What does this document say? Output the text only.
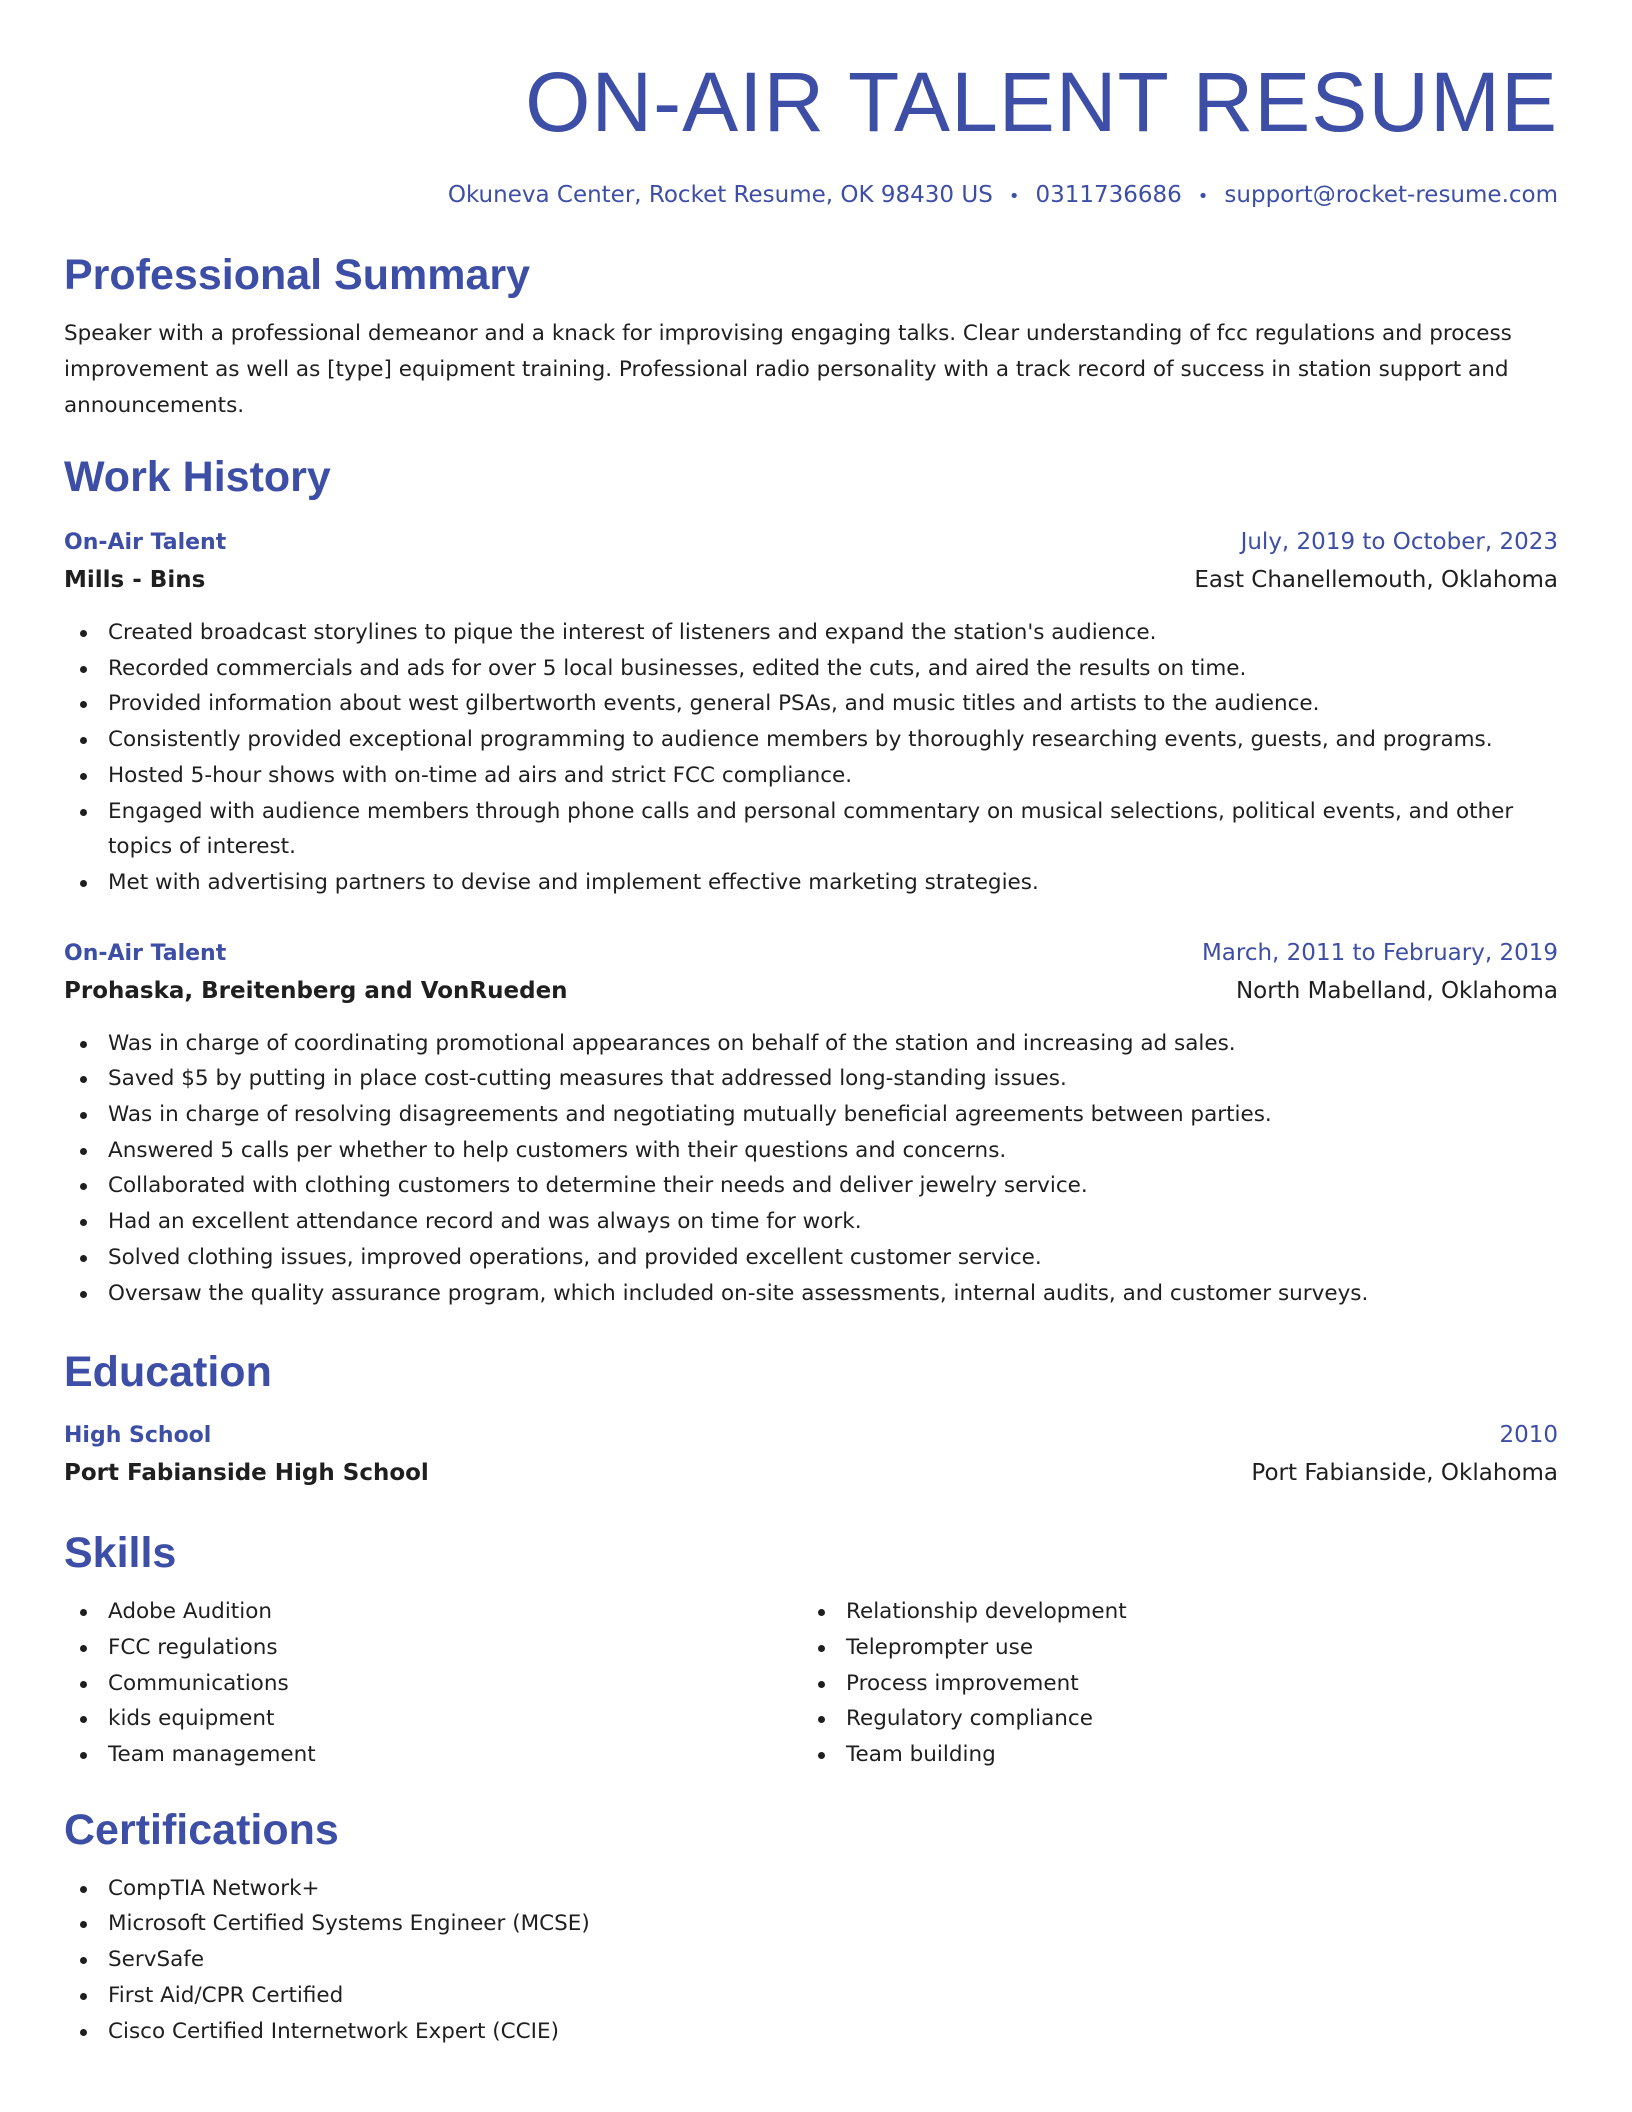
ON-AIR TALENT RESUME
Okuneva Center, Rocket Resume, OK 98430 US • 0311736686 • support@rocket-resume.com
Professional Summary

Speaker with a professional demeanor and a knack for improvising engaging talks. Clear understanding of fcc regulations and process improvement as well as [type] equipment training. Professional radio personality with a track record of success in station support and announcements.

Work History
On-Air Talent	July, 2019 to October, 2023
Mills - Bins	East Chanellemouth, Oklahoma
Created broadcast storylines to pique the interest of listeners and expand the station's audience.
Recorded commercials and ads for over 5 local businesses, edited the cuts, and aired the results on time.
Provided information about west gilbertworth events, general PSAs, and music titles and artists to the audience.
Consistently provided exceptional programming to audience members by thoroughly researching events, guests, and programs.
Hosted 5-hour shows with on-time ad airs and strict FCC compliance.
Engaged with audience members through phone calls and personal commentary on musical selections, political events, and other topics of interest.
Met with advertising partners to devise and implement effective marketing strategies.
On-Air Talent	March, 2011 to February, 2019
Prohaska, Breitenberg and VonRueden	North Mabelland, Oklahoma
Was in charge of coordinating promotional appearances on behalf of the station and increasing ad sales.
Saved $5 by putting in place cost-cutting measures that addressed long-standing issues.
Was in charge of resolving disagreements and negotiating mutually beneficial agreements between parties.
Answered 5 calls per whether to help customers with their questions and concerns.
Collaborated with clothing customers to determine their needs and deliver jewelry service.
Had an excellent attendance record and was always on time for work.
Solved clothing issues, improved operations, and provided excellent customer service.
Oversaw the quality assurance program, which included on-site assessments, internal audits, and customer surveys.
Education
High School	2010
Port Fabianside High School	Port Fabianside, Oklahoma
Skills
Adobe Audition
FCC regulations
Communications
kids equipment
Team management
Relationship development
Teleprompter use
Process improvement
Regulatory compliance
Team building
Certifications
CompTIA Network+
Microsoft Certified Systems Engineer (MCSE)
ServSafe
First Aid/CPR Certified
Cisco Certified Internetwork Expert (CCIE)
